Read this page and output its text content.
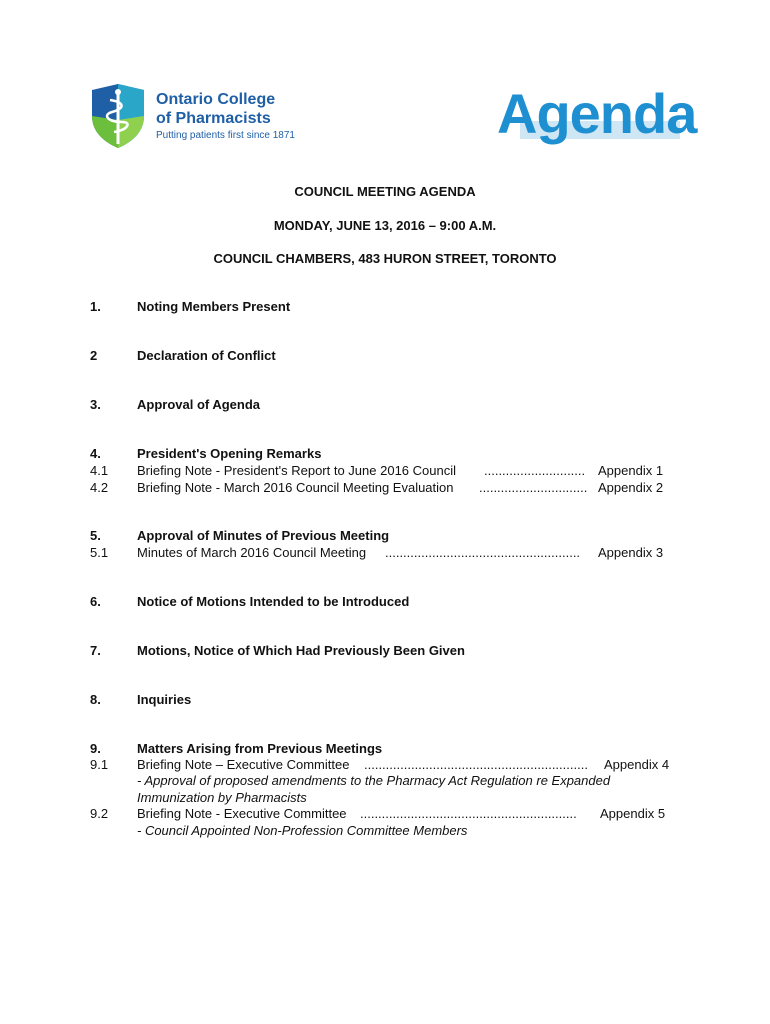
Ontario College
of Pharmacists
Putting patients first since 1871	Agenda
COUNCIL MEETING AGENDA
MONDAY, JUNE 13, 2016 – 9:00 A.M.
COUNCIL CHAMBERS, 483 HURON STREET, TORONTO
1.	Noting Members Present
2	Declaration of Conflict
3.	Approval of Agenda
4.	President's Opening Remarks
4.1 Briefing Note - President's Report to June 2016 Council ............................ Appendix 1
4.2 Briefing Note - March 2016 Council Meeting Evaluation .............................. Appendix 2
5.	Approval of Minutes of Previous Meeting
5.1 Minutes of March 2016 Council Meeting ...................................................... Appendix 3
6.	Notice of Motions Intended to be Introduced
7.	Motions, Notice of Which Had Previously Been Given
8.	Inquiries
9.	Matters Arising from Previous Meetings
9.1 Briefing Note – Executive Committee .............................................................. Appendix 4
- Approval of proposed amendments to the Pharmacy Act Regulation re Expanded
Immunization by Pharmacists
9.2 Briefing Note - Executive Committee ............................................................ Appendix 5
- Council Appointed Non-Profession Committee Members
